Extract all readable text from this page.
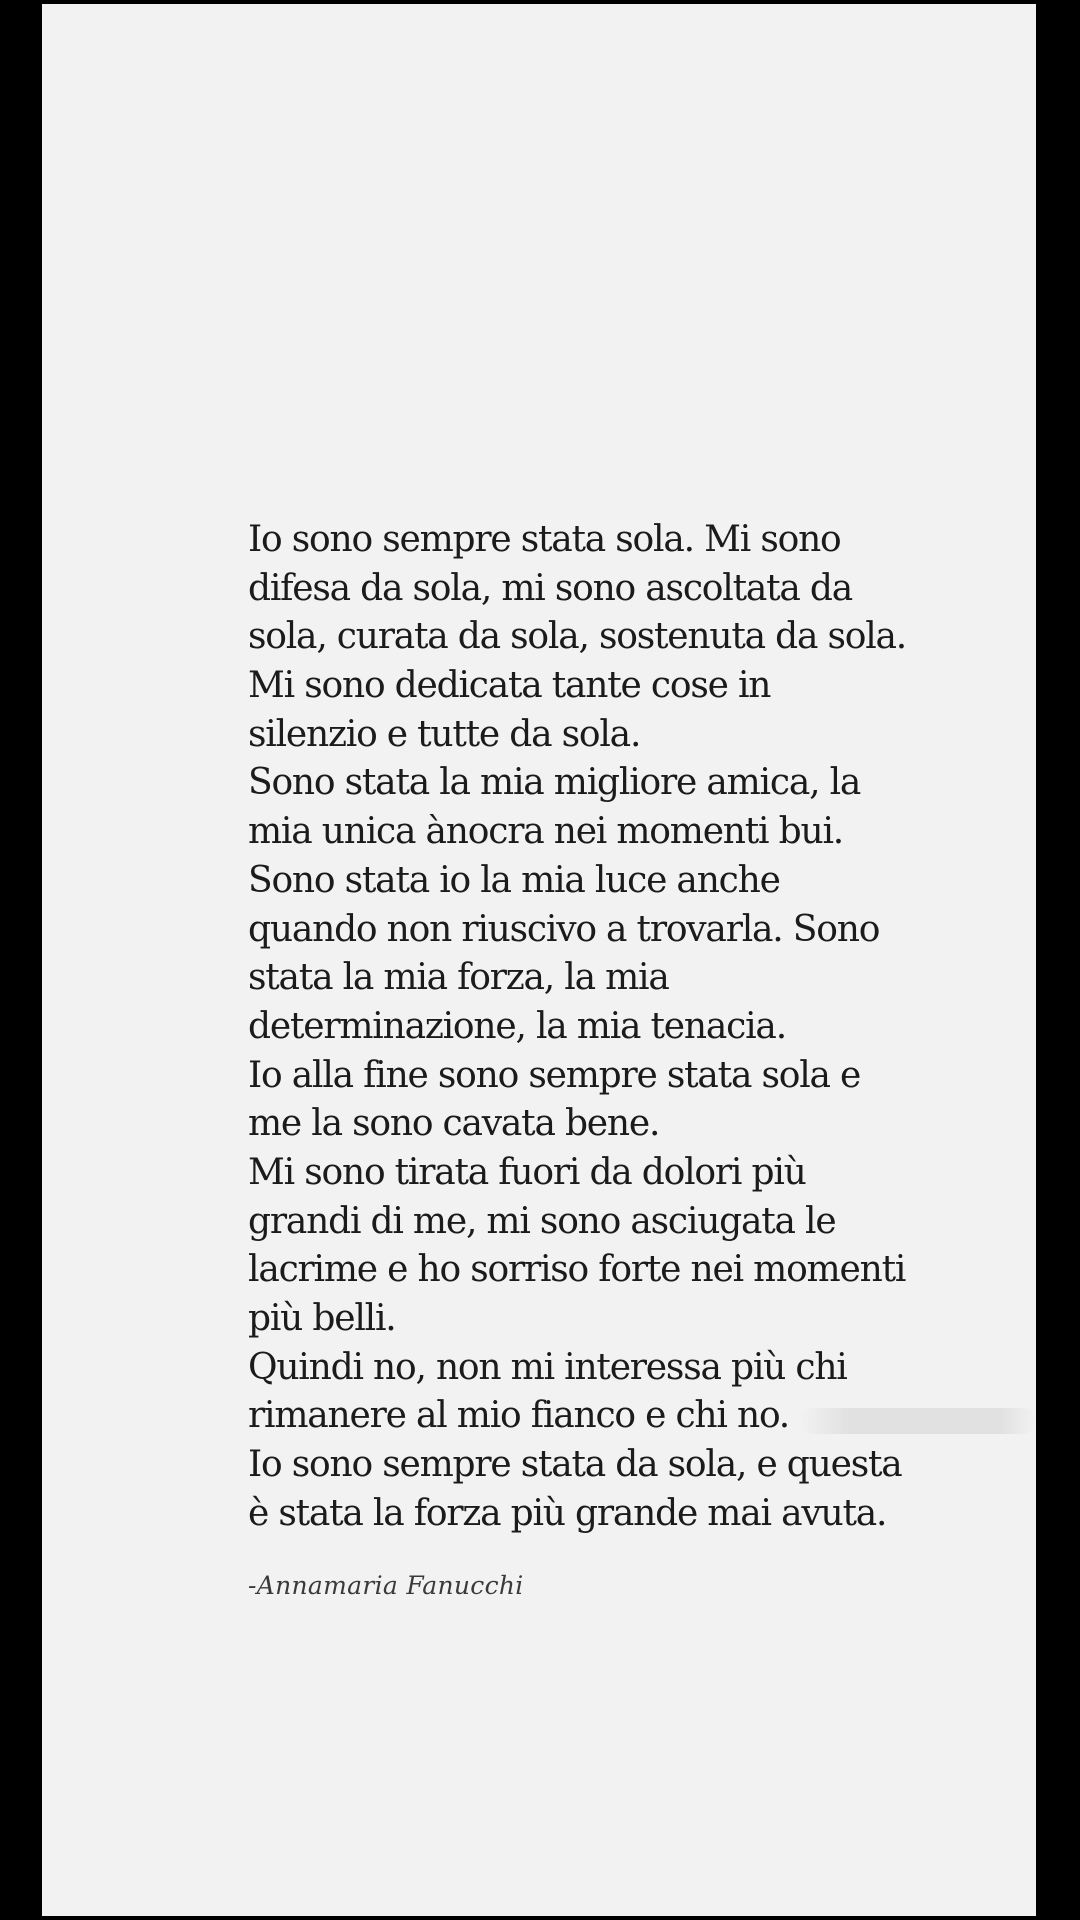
Io sono sempre stata sola. Mi sono
difesa da sola, mi sono ascoltata da
sola, curata da sola, sostenuta da sola.
Mi sono dedicata tante cose in
silenzio e tutte da sola.
Sono stata la mia migliore amica, la
mia unica ànocra nei momenti bui.
Sono stata io la mia luce anche
quando non riuscivo a trovarla. Sono
stata la mia forza, la mia
determinazione, la mia tenacia.
Io alla fine sono sempre stata sola e
me la sono cavata bene.
Mi sono tirata fuori da dolori più
grandi di me, mi sono asciugata le
lacrime e ho sorriso forte nei momenti
più belli.
Quindi no, non mi interessa più chi
rimanere al mio fianco e chi no.
Io sono sempre stata da sola, e questa
è stata la forza più grande mai avuta.
-Annamaria Fanucchi
